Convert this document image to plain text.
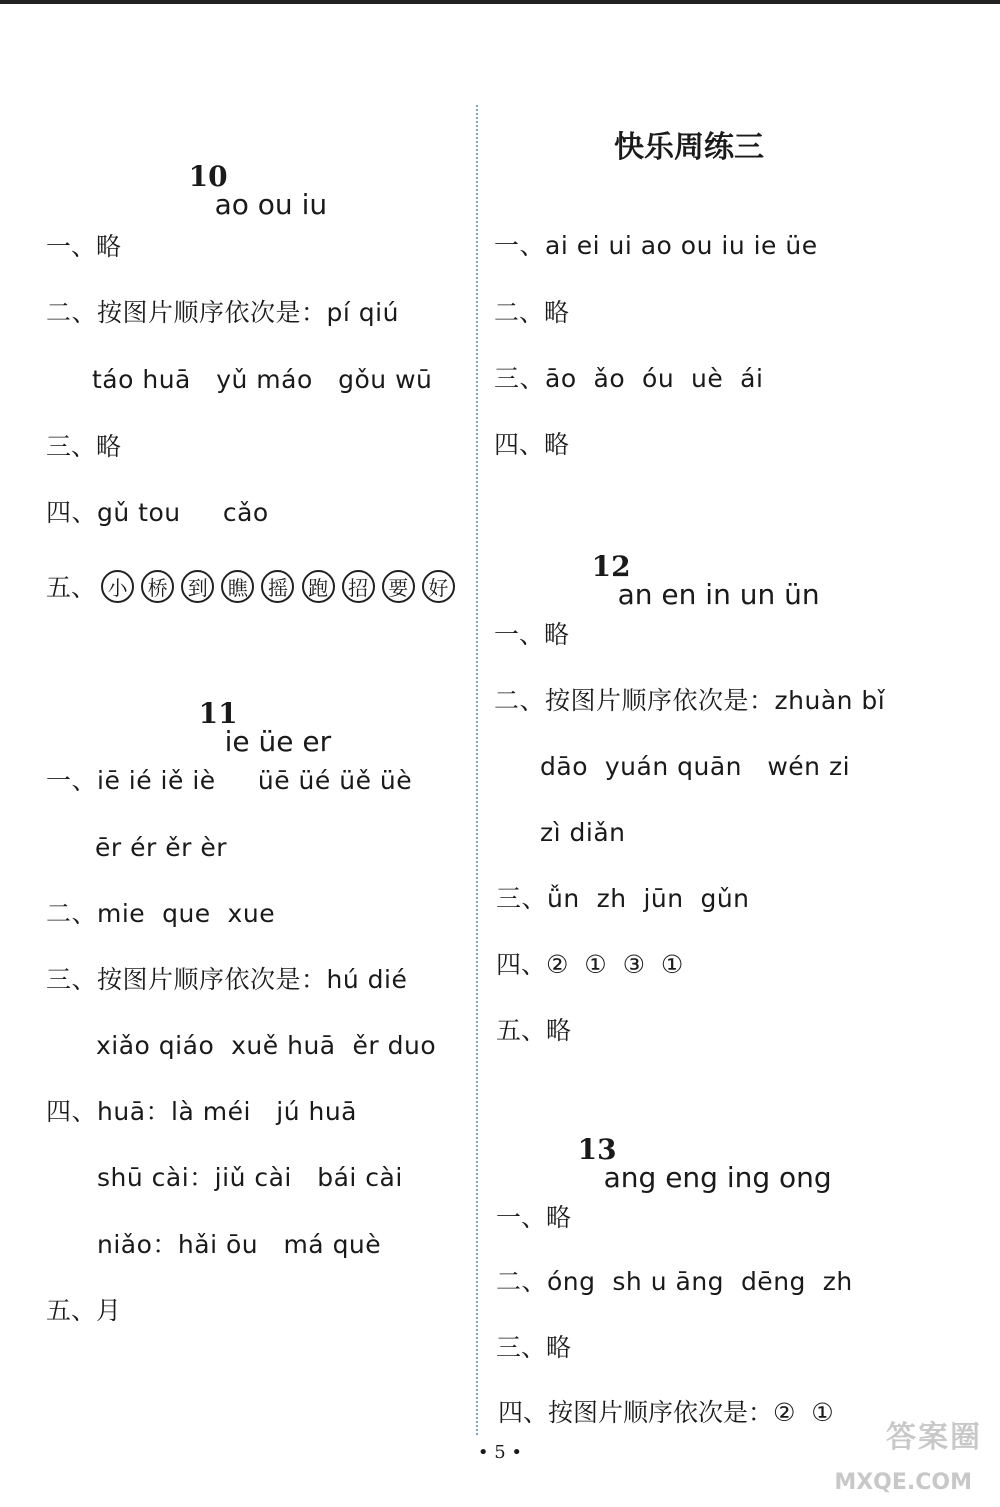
10
ao ou iu

一、略
二、按图片顺序依次是：pí qiú
táo huā   yǔ máo   gǒu wū
三、略
四、gǔ tou     cǎo
五、 小 桥 到 瞧 摇 跑 招 要 好

11
ie üe er

一、iē ié iě iè     üē üé üě üè
ēr ér ěr èr
二、mie  que  xue
三、按图片顺序依次是：hú dié
xiǎo qiáo  xuě huā  ěr duo
四、huā：là méi   jú huā
shū cài：jiǔ cài   bái cài
niǎo：hǎi ōu   má què
五、月
快乐周练三
一、ai ei ui ao ou iu ie üe
二、略
三、āo  ǎo  óu  uè  ái
四、略

12
an en in un ün

一、略
二、按图片顺序依次是：zhuàn bǐ
dāo  yuán quān   wén zi
zì diǎn
三、ǚn  zh  jūn  gǔn
四、②  ①  ③  ①
五、略

13
ang eng ing ong

一、略
二、óng  sh u āng  dēng  zh
三、略
四、按图片顺序依次是：②  ①
• 5 •	答案圈
MXQE.COM
